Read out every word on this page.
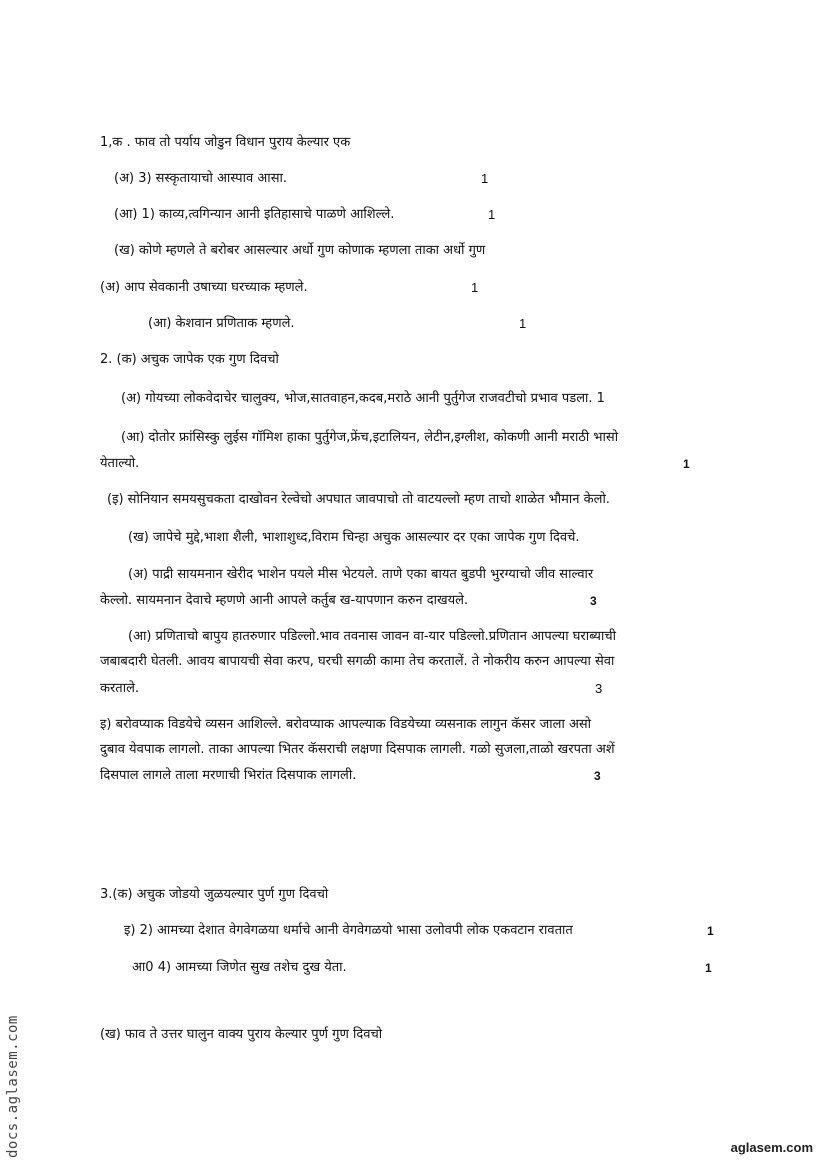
1,क . फाव तो पर्याय जोडुन विधान पुराय केल्यार एक
(अ) 3) सस्कृतायाचो आस्पाव आसा.	1
(आ) 1) काव्य,त्वगिन्यान आनी इतिहासाचे पाळणे आशिल्ले.	1
(ख) कोणे म्हणले ते बरोबर आसल्यार अर्धो गुण कोणाक म्हणला ताका अर्धो गुण
(अ) आप सेवकानी उषाच्या घरच्याक म्हणले.	1
(आ) केशवान प्रणिताक म्हणले.	1
2. (क) अचुक जापेक एक गुण दिवचो
(अ) गोयच्या लोकवेदाचेर चालुक्य, भोज,सातवाहन,कदब,मराठे आनी पुर्तुगेज राजवटीचो प्रभाव पडला. 1
(आ) दोतोर फ्रांसिस्कु लुईस गॉमिश हाका पुर्तुगेज,फ्रेंच,इटालियन, लेटीन,इग्लीश, कोकणी आनी मराठी भासो
येताल्यो.	1
(इ) सोनियान समयसुचकता दाखोवन रेल्वेचो अपघात जावपाचो तो वाटयल्लो म्हण ताचो शाळेत भौमान केलो.
(ख) जापेचे मुद्दे,भाशा शैली, भाशाशुध्द,विराम चिन्हा अचुक आसल्यार दर एका जापेक गुण दिवचे.
(अ) पाद्री सायमनान खेरीद भाशेन पयले मीस भेटयले. ताणे एका बायत बुडपी भुरग्याचो जीव साल्वार
केल्लो. सायमनान देवाचे म्हणणे आनी आपले कर्तुब ख-यापणान करुन दाखयले.	3
(आ) प्रणिताचो बापुय हातरुणार पडिल्लो.भाव तवनास जावन वा-यार पडिल्लो.प्रणितान आपल्या घराब्याची
जबाबदारी घेतली. आवय बापायची सेवा करप, घरची सगळी कामा तेच करतालें. ते नोकरीय करुन आपल्या सेवा
करताले.	3
इ) बरोवप्याक विडयेचे व्यसन आशिल्ले. बरोवप्याक आपल्याक विडयेच्या व्यसनाक लागुन कॅसर जाला असो
दुबाव येवपाक लागलो. ताका आपल्या भितर कॅसराची लक्षणा दिसपाक लागली. गळो सुजला,ताळो खरपता अशें
दिसपाल लागले ताला मरणाची भिरांत दिसपाक लागली.	3
3.(क) अचुक जोडयो जुळयल्यार पुर्ण गुण दिवचो
इ) 2) आमच्या देशात वेगवेगळया धर्माचे आनी वेगवेगळयो भासा उलोवपी लोक एकवटान रावतात	1
आ0 4) आमच्या जिणेत सुख तशेच दुख येता.	1
(ख) फाव ते उत्तर घालुन वाक्य पुराय केल्यार पुर्ण गुण दिवचो
docs.aglasem.com	aglasem.com
